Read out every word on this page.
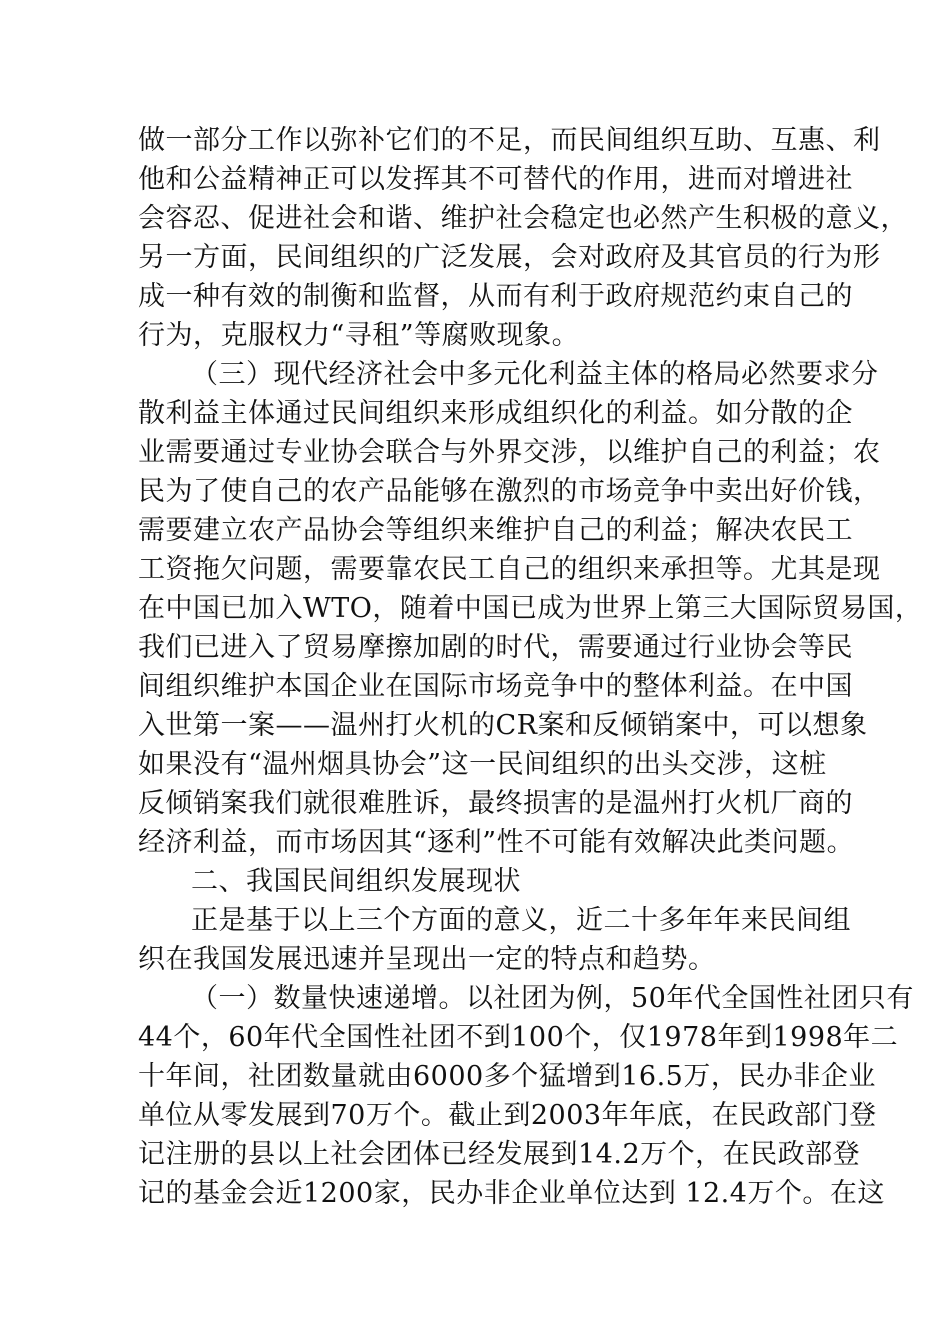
做一部分工作以弥补它们的不足，而民间组织互助、互惠、利
他和公益精神正可以发挥其不可替代的作用，进而对增进社
会容忍、促进社会和谐、维护社会稳定也必然产生积极的意义，
另一方面，民间组织的广泛发展，会对政府及其官员的行为形
成一种有效的制衡和监督，从而有利于政府规范约束自己的
行为，克服权力“寻租”等腐败现象。
（三）现代经济社会中多元化利益主体的格局必然要求分
散利益主体通过民间组织来形成组织化的利益。如分散的企
业需要通过专业协会联合与外界交涉，以维护自己的利益；农
民为了使自己的农产品能够在激烈的市场竞争中卖出好价钱，
需要建立农产品协会等组织来维护自己的利益；解决农民工
工资拖欠问题，需要靠农民工自己的组织来承担等。尤其是现
在中国已加入WTO，随着中国已成为世界上第三大国际贸易国，
我们已进入了贸易摩擦加剧的时代，需要通过行业协会等民
间组织维护本国企业在国际市场竞争中的整体利益。在中国
入世第一案——温州打火机的CR案和反倾销案中，可以想象
如果没有“温州烟具协会”这一民间组织的出头交涉，这桩
反倾销案我们就很难胜诉，最终损害的是温州打火机厂商的
经济利益，而市场因其“逐利”性不可能有效解决此类问题。
二、我国民间组织发展现状
正是基于以上三个方面的意义，近二十多年年来民间组
织在我国发展迅速并呈现出一定的特点和趋势。
（一）数量快速递增。以社团为例，50年代全国性社团只有
44个，60年代全国性社团不到100个，仅1978年到1998年二
十年间，社团数量就由6000多个猛增到16.5万，民办非企业
单位从零发展到70万个。截止到2003年年底，在民政部门登
记注册的县以上社会团体已经发展到14.2万个，在民政部登
记的基金会近1200家，民办非企业单位达到 12.4万个。在这
